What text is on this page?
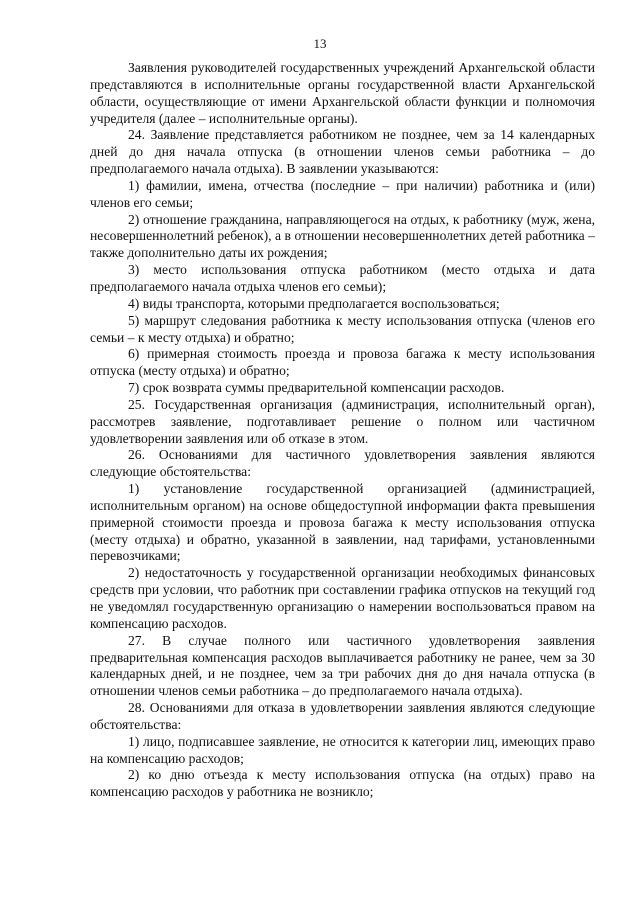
13

Заявления руководителей государственных учреждений Архангельской области представляются в исполнительные органы государственной власти Архангельской области, осуществляющие от имени Архангельской области функции и полномочия учредителя (далее – исполнительные органы).

24. Заявление представляется работником не позднее, чем за 14 календарных дней до дня начала отпуска (в отношении членов семьи работника – до предполагаемого начала отдыха). В заявлении указываются:

1) фамилии, имена, отчества (последние – при наличии) работника и (или) членов его семьи;

2) отношение гражданина, направляющегося на отдых, к работнику (муж, жена, несовершеннолетний ребенок), а в отношении несовершеннолетних детей работника – также дополнительно даты их рождения;

3) место использования отпуска работником (место отдыха и дата предполагаемого начала отдыха членов его семьи);

4) виды транспорта, которыми предполагается воспользоваться;

5) маршрут следования работника к месту использования отпуска (членов его семьи – к месту отдыха) и обратно;

6) примерная стоимость проезда и провоза багажа к месту использования отпуска (месту отдыха) и обратно;

7) срок возврата суммы предварительной компенсации расходов.

25. Государственная организация (администрация, исполнительный орган), рассмотрев заявление, подготавливает решение о полном или частичном удовлетворении заявления или об отказе в этом.

26. Основаниями для частичного удовлетворения заявления являются следующие обстоятельства:

1) установление государственной организацией (администрацией, исполнительным органом) на основе общедоступной информации факта превышения примерной стоимости проезда и провоза багажа к месту использования отпуска (месту отдыха) и обратно, указанной в заявлении, над тарифами, установленными перевозчиками;

2) недостаточность у государственной организации необходимых финансовых средств при условии, что работник при составлении графика отпусков на текущий год не уведомлял государственную организацию о намерении воспользоваться правом на компенсацию расходов.

27. В случае полного или частичного удовлетворения заявления предварительная компенсация расходов выплачивается работнику не ранее, чем за 30 календарных дней, и не позднее, чем за три рабочих дня до дня начала отпуска (в отношении членов семьи работника – до предполагаемого начала отдыха).

28. Основаниями для отказа в удовлетворении заявления являются следующие обстоятельства:

1) лицо, подписавшее заявление, не относится к категории лиц, имеющих право на компенсацию расходов;

2) ко дню отъезда к месту использования отпуска (на отдых) право на компенсацию расходов у работника не возникло;
